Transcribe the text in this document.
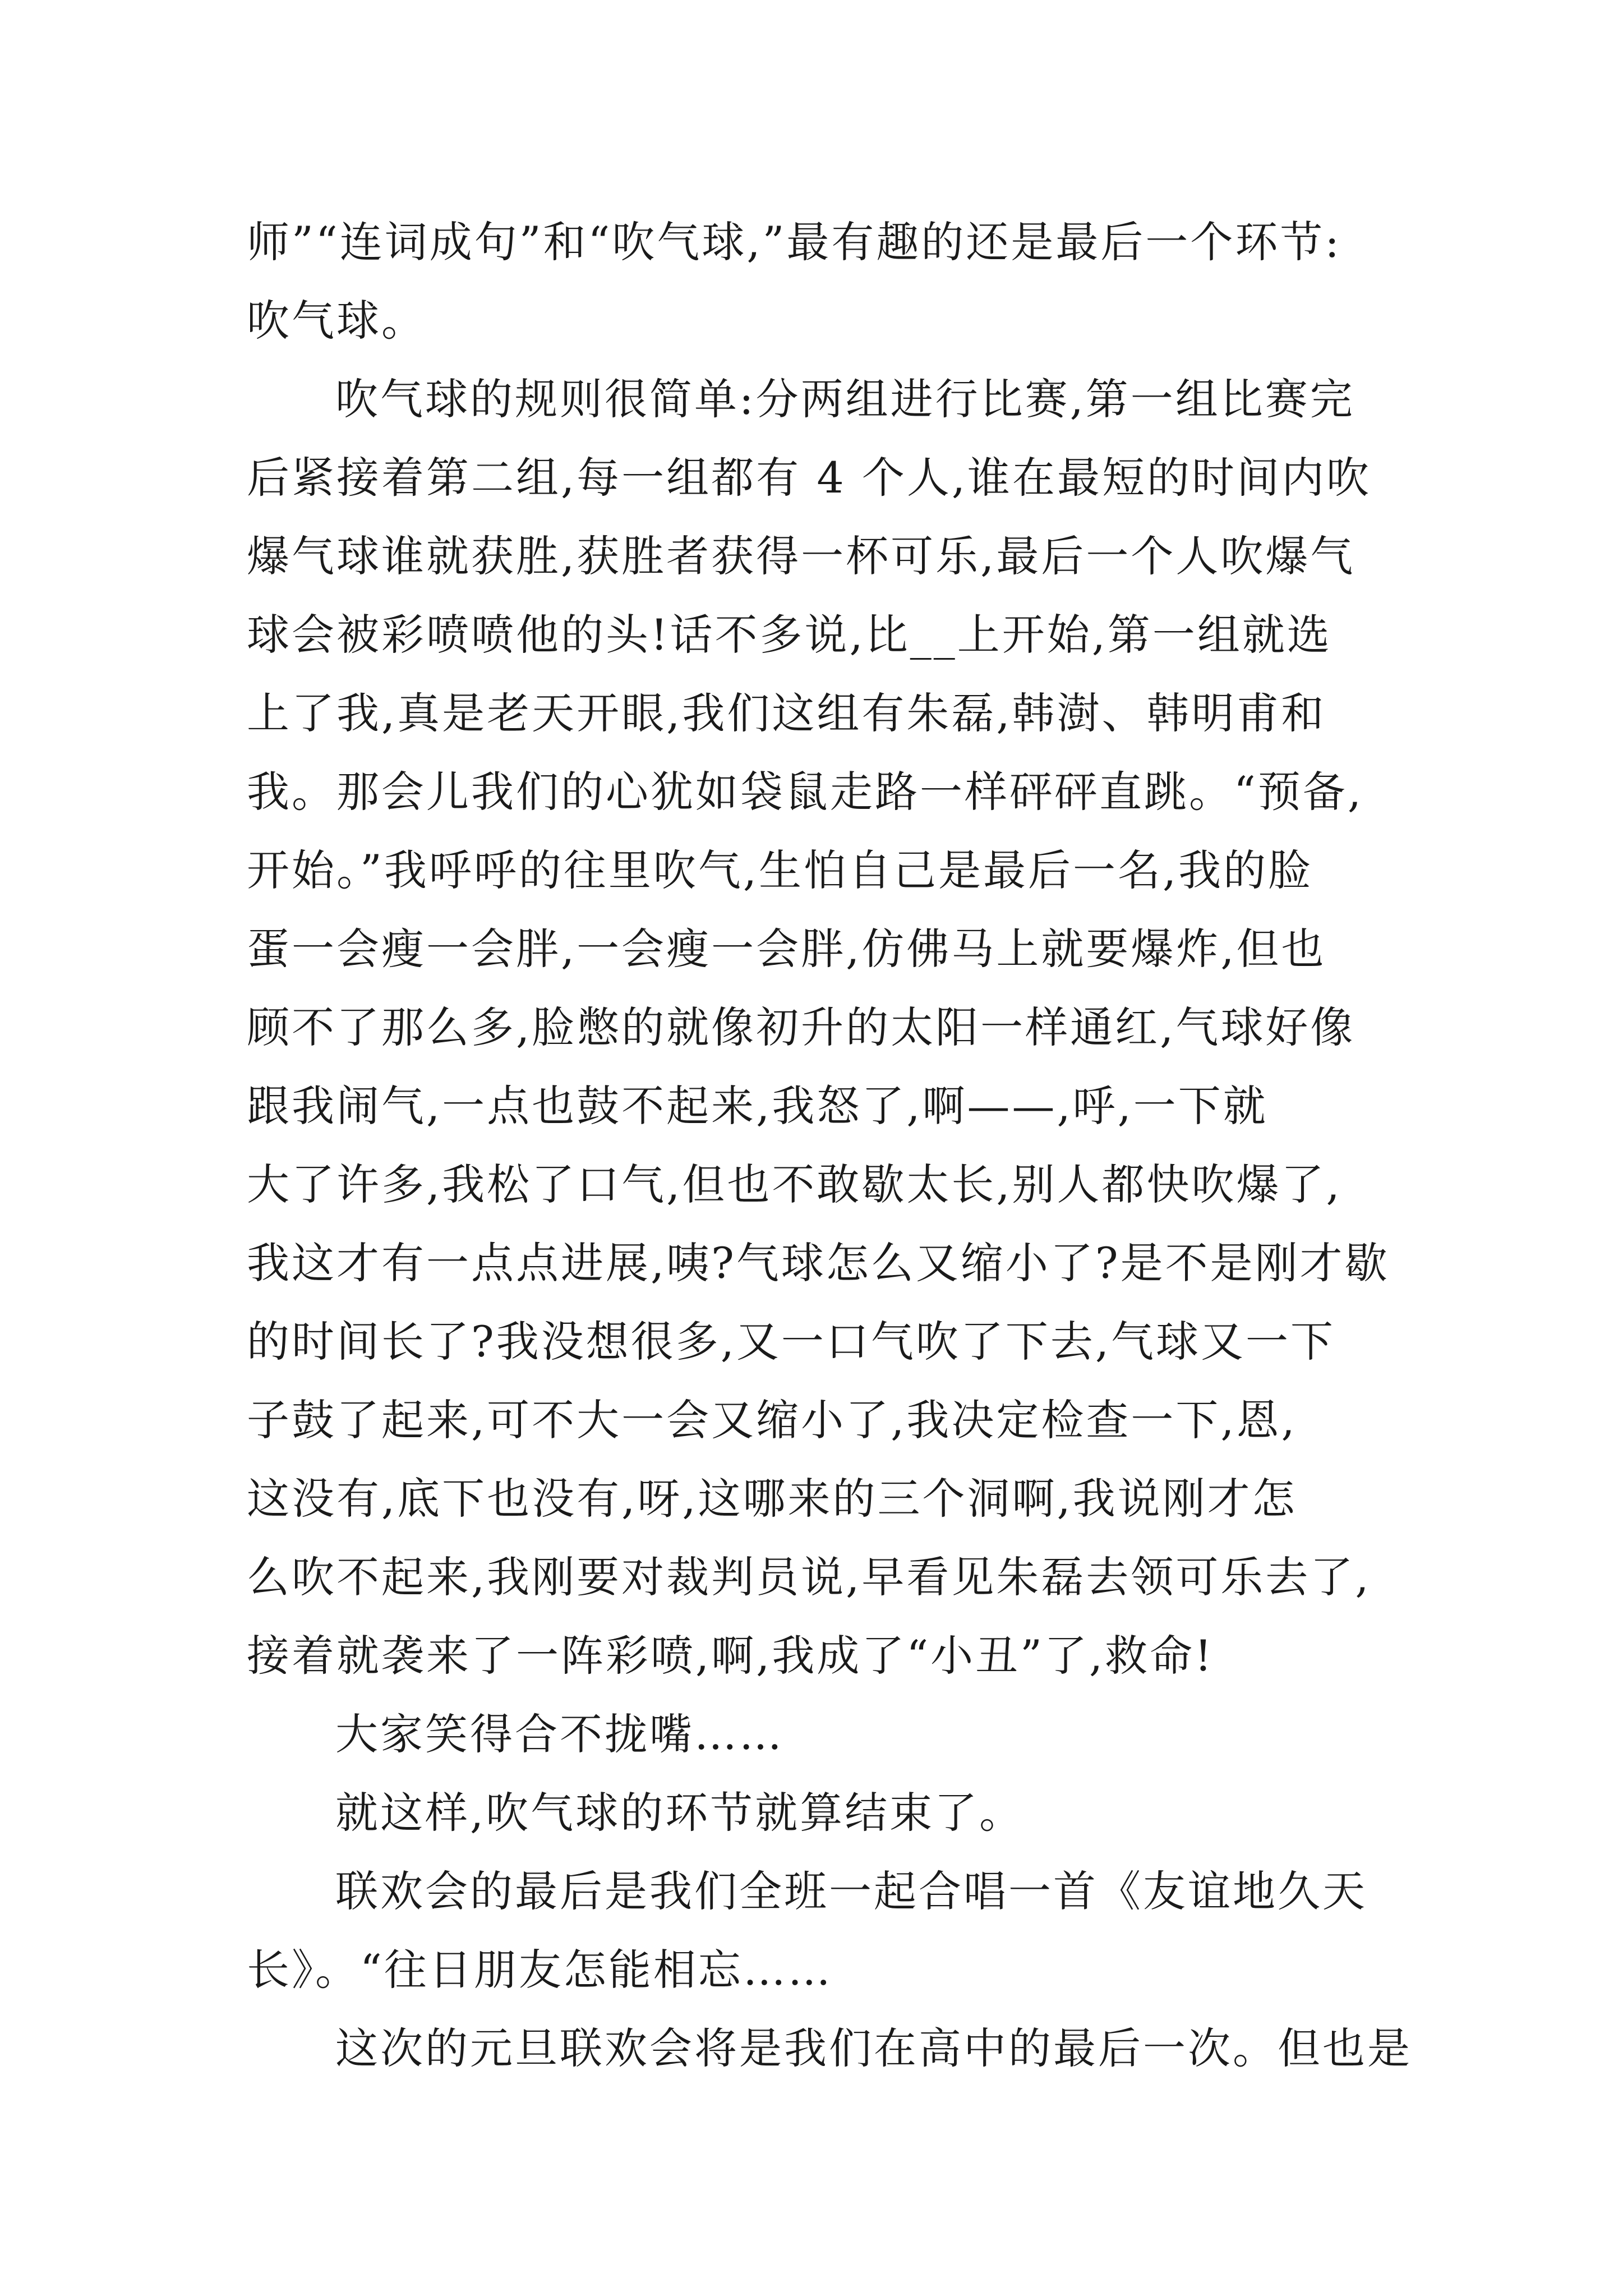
师”“连词成句”和“吹气球,”最有趣的还是最后一个环节:
吹气球。
吹气球的规则很简单:分两组进行比赛,第一组比赛完
后紧接着第二组,每一组都有 4 个人,谁在最短的时间内吹
爆气球谁就获胜,获胜者获得一杯可乐,最后一个人吹爆气
球会被彩喷喷他的头!话不多说,比__上开始,第一组就选
上了我,真是老天开眼,我们这组有朱磊,韩澍、韩明甫和
我。那会儿我们的心犹如袋鼠走路一样砰砰直跳。“预备,
开始。”我呼呼的往里吹气,生怕自己是最后一名,我的脸
蛋一会瘦一会胖,一会瘦一会胖,仿佛马上就要爆炸,但也
顾不了那么多,脸憋的就像初升的太阳一样通红,气球好像
跟我闹气,一点也鼓不起来,我怒了,啊——,呼,一下就
大了许多,我松了口气,但也不敢歇太长,别人都快吹爆了,
我这才有一点点进展,咦?气球怎么又缩小了?是不是刚才歇
的时间长了?我没想很多,又一口气吹了下去,气球又一下
子鼓了起来,可不大一会又缩小了,我决定检查一下,恩,
这没有,底下也没有,呀,这哪来的三个洞啊,我说刚才怎
么吹不起来,我刚要对裁判员说,早看见朱磊去领可乐去了,
接着就袭来了一阵彩喷,啊,我成了“小丑”了,救命!
大家笑得合不拢嘴……
就这样,吹气球的环节就算结束了。
联欢会的最后是我们全班一起合唱一首《友谊地久天
长》。“往日朋友怎能相忘……
这次的元旦联欢会将是我们在高中的最后一次。但也是
